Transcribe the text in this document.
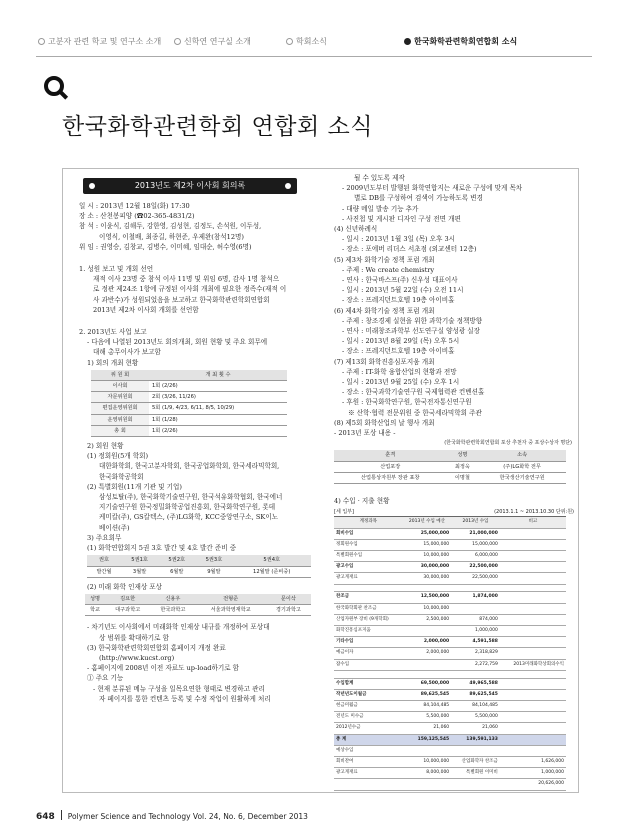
고분자 관련 학교 및 연구소 소개	신학연 연구실 소개	학회소식	한국화학관련학회연합회 소식
한국화학관련학회 연합회 소식
2013년도 제2차 이사회 회의록

일 시 : 2013년 12월 18일(화) 17:30

장 소 : 산천봉피양 (☎02-365-4831/2)

참 석 : 이윤식, 김해두, 강한영, 김성현, 김정도, 손석원, 이두성,

이영식, 이철배, 최종길, 하현준, 우제완(참석12명)

위 임 : 권영승, 김창교, 김병수, 이미혜, 임대순, 허수영(6명)

1. 성원 보고 및 개회 선언

재적 이사 23명 중 참석 이사 11명 및 위임 6명, 감사 1명 참석으

로 정관 제24조 1항에 규정된 이사회 개최에 필요한 정족수(재적 이

사 과반수)가 성원되었음을 보고하고 한국화학관련학회연합회

2013년 제2차 이사회 개회를 선언함

2. 2013년도 사업 보고

- 다음에 나열된 2013년도 회의개최, 회원 현황 및 주요 회무에

대해 총무이사가 보고함

1) 회의 개최 현황

위 원 회	개 최 횟 수
이사회	1회 (2/26)
자문위원회	2회 (3/26, 11/26)
편집운영위원회	5회 (1/9, 4/23, 6/11, 8/5, 10/29)
운영위원회	1회 (1/28)
총 회	1회 (2/26)

2) 회원 현황

(1) 정회원(5개 학회)

대한화학회, 한국고분자학회, 한국공업화학회, 한국세라믹학회,

한국화학공학회

(2) 특별회원(11개 기관 및 기업)

삼성토탈(주), 한국화학기술연구원, 한국석유화학협회, 한국에너

지기술연구원 한국정밀화학공업진흥회, 한국화학연구원, 롯데

케미칼(주), GS칼텍스, (주)LG화학, KCC중앙연구소, SK이노

베이션(주)

3) 주요회무

(1) 화학연합회지 5권 3호 발간 및 4호 발간 준비 중

권호	5권1호	5권2호	5권3호	5권4호
발간월	3월말	6월말	9월말	12월말 (준비중)

(2) 미래 화학 인재상 포상

성명	김요한	신용우	전형준	문이삭
학교	대구과학고	한국과학고	서울과학영재학교	경기과학고

- 차기년도 이사회에서 미래화학 인재상 내규를 개정하여 포상대

상 범위를 확대하기로 함

(3) 한국화학관련학회연합회 홈페이지 개정 완료

(http://www.kucst.org)

- 홈페이지에 2008년 이전 자료도 up-load하기로 함

① 주요 기능

- 현재 분류된 메뉴 구성을 일목요연한 형태로 변경하고 관리

자 페이지를 통한 컨텐츠 등록 및 수정 작업이 원활하게 처리

될 수 있도록 제작

- 2009년도부터 발행된 화학연합지는 새로운 구성에 맞게 목차

별로 DB를 구성하여 검색이 가능하도록 변경

- 대량 메일 발송 기능 추가

- 사진첩 및 게시판 디자인 구성 전면 개편

(4) 신년하례식

- 일시 : 2013년 1월 3일 (목) 오후 3시

- 장소 : 포에버 리더스 서초점 (외교센터 12층)

(5) 제3차 화학기술 정책 포럼 개최

- 주제 : We create chemistry

- 연사 : 한국바스프(주) 신우성 대표이사

- 일시 : 2013년 5월 22일 (수) 오전 11시

- 장소 : 프레지던트호텔 19층 아이비홀

(6) 제4차 화학기술 정책 포럼 개최

- 주제 : 창조경제 실현을 위한 과학기술 정책방향

- 연사 : 미래창조과학부 선도연구실 양성광 실장

- 일시 : 2013년 8월 29일 (목) 오후 5시

- 장소 : 프레지던트호텔 19층 아이비홀

(7) 제13회 화학진흥심포지움 개최

- 주제 : IT-화학 융합산업의 현황과 전망

- 일시 : 2013년 9월 25일 (수) 오후 1시

- 장소 : 한국과학기술연구원 국제협력관 컨벤션홀

- 후원 : 한국화학연구원, 한국전자통신연구원

※ 산학·협력 전문위원 중 한국세라믹학회 주관

(8) 제5회 화학산업의 날 행사 개최

- 2013년 포상 내용 -

(한국화학관련학회연합회 포상 추천자 중 포상수상자 명단)

훈격	성명	소속
산업포장	최정욱	(주)LG화학 전무
산업통상자원부 장관 표창	이명철	한국생산기술연구원

4) 수입 · 지출 현황

[세 입부]	(2013.1.1 ~ 2013.10.30 단위:원)
계정과목	2013년 수입 예산	2013년 수입	비고
회비수입	25,000,000	21,000,000	
정회원수입	15,000,000	15,000,000	
특별회원수입	10,000,000	6,000,000	
광고수입	30,000,000	22,500,000	
광고게재료	30,000,000	22,500,000	

찬조금	12,500,000	1,874,000	
한국화학회관 찬조금	10,000,000		
산업자원부 장비 (9개학회)	2,500,000	874,000	
화학진흥심포지움		1,000,000	
기타수입	2,000,000	4,591,588	
예금이자	2,000,000	2,318,829	
잡수입		2,272,759	2013미래화학상회의수익

수입합계	69,500,000	49,965,588	
작년년도이월금	89,625,545	89,625,545	
현금미월금	84,104,485	84,104,485	
전년도 미수금	5,500,000	5,500,000	
2012년수금	21,060	21,060	
총 계	159,125,545	139,591,133	
예상수입			
회비잔여	10,000,000	산업화학자 찬조금	1,626,000
광고게재료	8,000,000	특별회원 이미비	1,000,000
			20,626,000
648 Polymer Science and Technology Vol. 24, No. 6, December 2013
